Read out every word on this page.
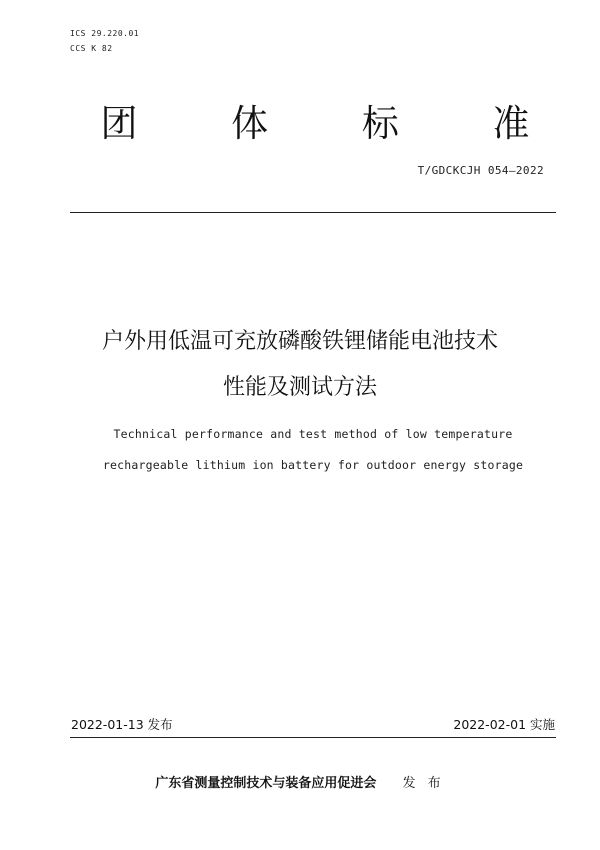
ICS 29.220.01
CCS K 82
团	体	标	准
T/GDCKCJH 054—2022
户外用低温可充放磷酸铁锂储能电池技术
性能及测试方法
Technical performance and test method of low temperature
rechargeable lithium ion battery for outdoor energy storage
2022-01-13 发布	2022-02-01 实施
广东省测量控制技术与装备应用促进会 发 布
